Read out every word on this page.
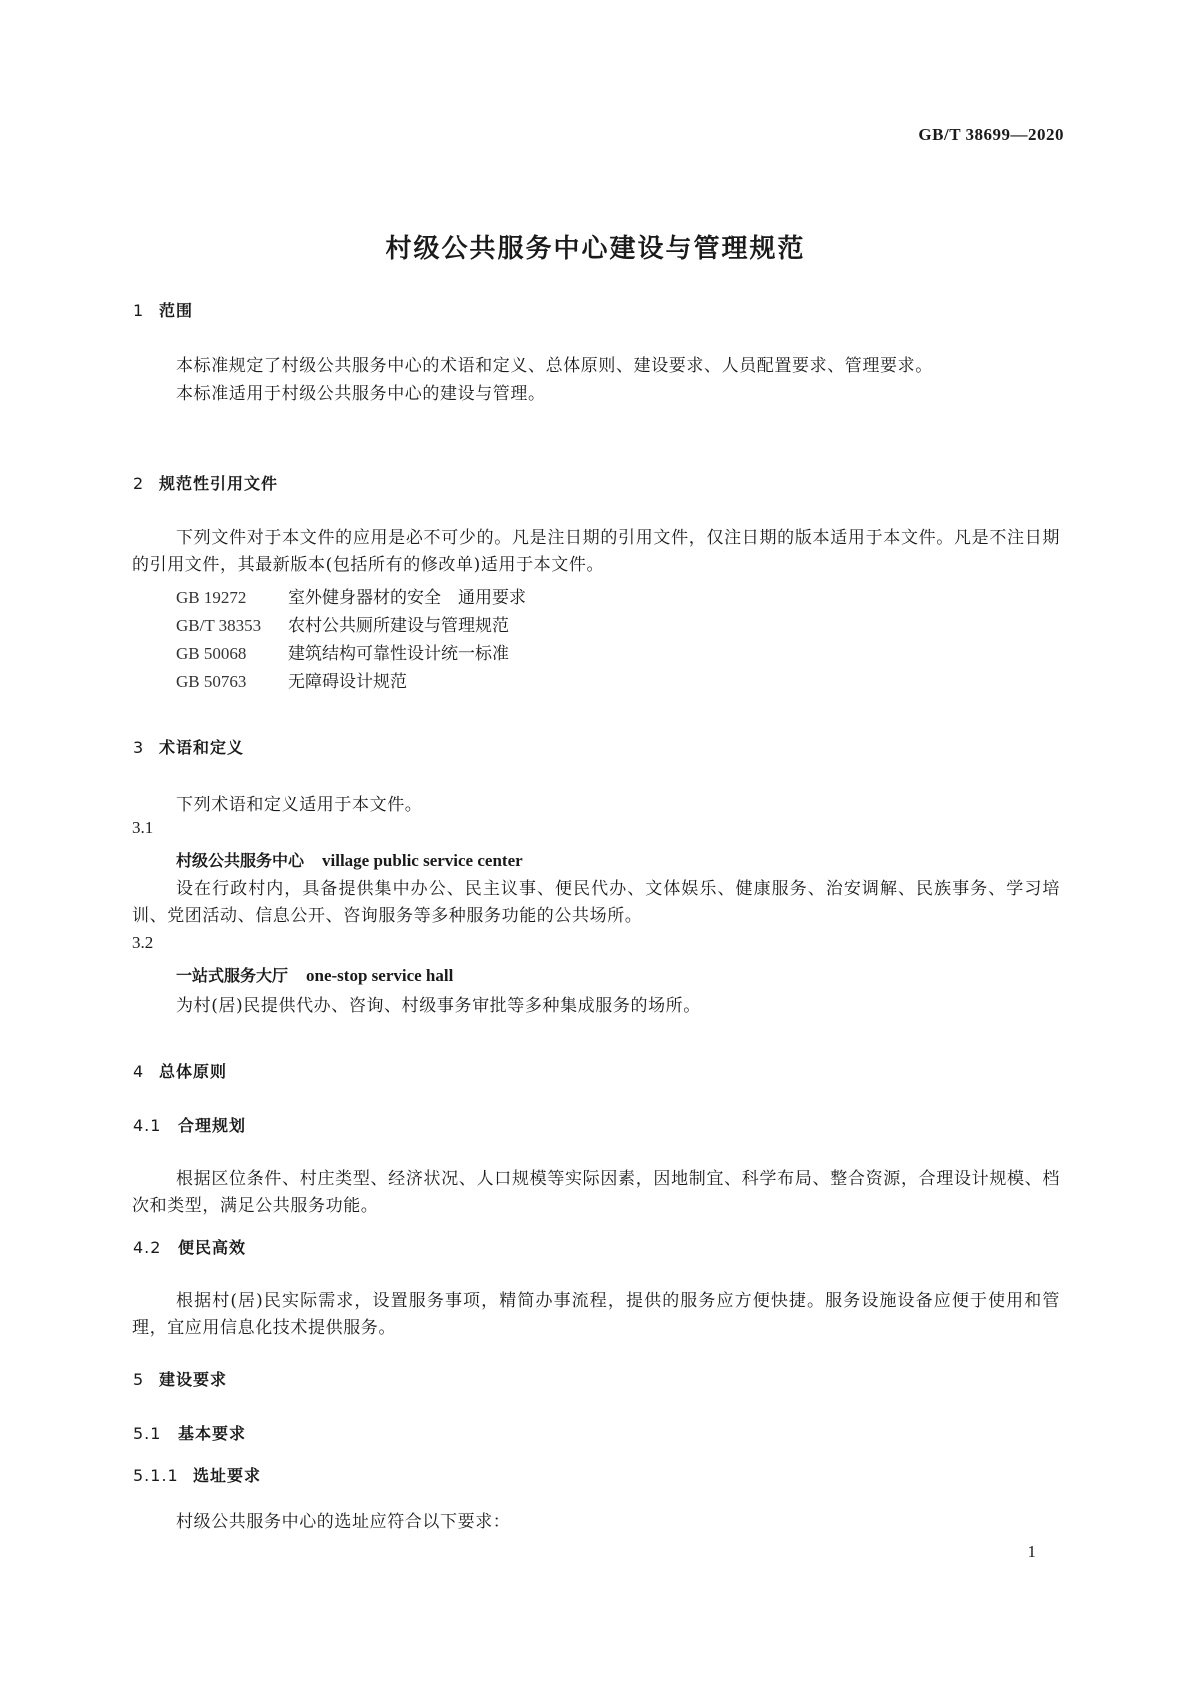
GB/T 38699—2020
村级公共服务中心建设与管理规范
1 范围
本标准规定了村级公共服务中心的术语和定义、总体原则、建设要求、人员配置要求、管理要求。
本标准适用于村级公共服务中心的建设与管理。
2 规范性引用文件
下列文件对于本文件的应用是必不可少的。凡是注日期的引用文件，仅注日期的版本适用于本文件。凡是不注日期的引用文件，其最新版本(包括所有的修改单)适用于本文件。
GB 19272 室外健身器材的安全　通用要求
GB/T 38353 农村公共厕所建设与管理规范
GB 50068 建筑结构可靠性设计统一标准
GB 50763 无障碍设计规范
3 术语和定义
下列术语和定义适用于本文件。
3.1
村级公共服务中心 village public service center
设在行政村内，具备提供集中办公、民主议事、便民代办、文体娱乐、健康服务、治安调解、民族事务、学习培训、党团活动、信息公开、咨询服务等多种服务功能的公共场所。
3.2
一站式服务大厅 one-stop service hall
为村(居)民提供代办、咨询、村级事务审批等多种集成服务的场所。
4 总体原则
4.1 合理规划
根据区位条件、村庄类型、经济状况、人口规模等实际因素，因地制宜、科学布局、整合资源，合理设计规模、档次和类型，满足公共服务功能。
4.2 便民高效
根据村(居)民实际需求，设置服务事项，精简办事流程，提供的服务应方便快捷。服务设施设备应便于使用和管理，宜应用信息化技术提供服务。
5 建设要求
5.1 基本要求
5.1.1 选址要求
村级公共服务中心的选址应符合以下要求：
1
